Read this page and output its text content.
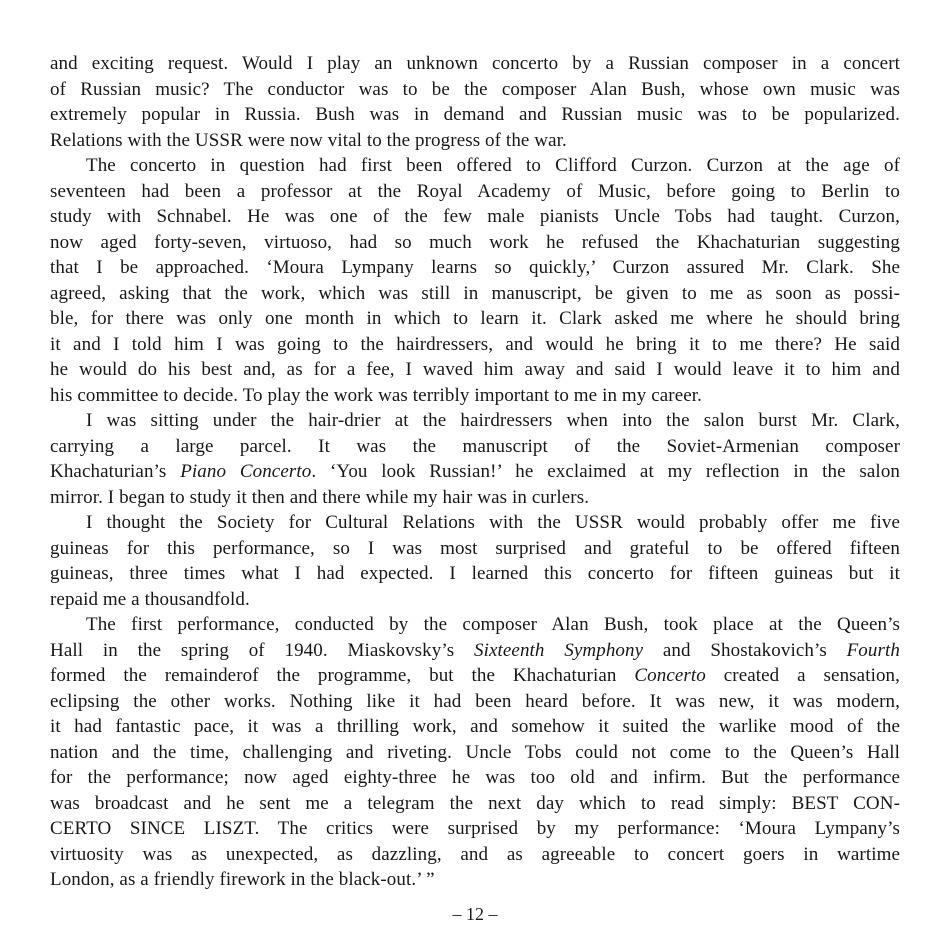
and exciting request. Would I play an unknown concerto by a Russian composer in a concert
of Russian music? The conductor was to be the composer Alan Bush, whose own music was
extremely popular in Russia. Bush was in demand and Russian music was to be popularized.
Relations with the USSR were now vital to the progress of the war.
The concerto in question had first been offered to Clifford Curzon. Curzon at the age of
seventeen had been a professor at the Royal Academy of Music, before going to Berlin to
study with Schnabel. He was one of the few male pianists Uncle Tobs had taught. Curzon,
now aged forty-seven, virtuoso, had so much work he refused the Khachaturian suggesting
that I be approached. ‘Moura Lympany learns so quickly,’ Curzon assured Mr. Clark. She
agreed, asking that the work, which was still in manuscript, be given to me as soon as possi-
ble, for there was only one month in which to learn it. Clark asked me where he should bring
it and I told him I was going to the hairdressers, and would he bring it to me there? He said
he would do his best and, as for a fee, I waved him away and said I would leave it to him and
his committee to decide. To play the work was terribly important to me in my career.
I was sitting under the hair-drier at the hairdressers when into the salon burst Mr. Clark,
carrying a large parcel. It was the manuscript of the Soviet-Armenian composer
Khachaturian’s Piano Concerto. ‘You look Russian!’ he exclaimed at my reflection in the salon
mirror. I began to study it then and there while my hair was in curlers.
I thought the Society for Cultural Relations with the USSR would probably offer me five
guineas for this performance, so I was most surprised and grateful to be offered fifteen
guineas, three times what I had expected. I learned this concerto for fifteen guineas but it
repaid me a thousandfold.
The first performance, conducted by the composer Alan Bush, took place at the Queen’s
Hall in the spring of 1940. Miaskovsky’s Sixteenth Symphony and Shostakovich’s Fourth
formed the remainderof the programme, but the Khachaturian Concerto created a sensation,
eclipsing the other works. Nothing like it had been heard before. It was new, it was modern,
it had fantastic pace, it was a thrilling work, and somehow it suited the warlike mood of the
nation and the time, challenging and riveting. Uncle Tobs could not come to the Queen’s Hall
for the performance; now aged eighty-three he was too old and infirm. But the performance
was broadcast and he sent me a telegram the next day which to read simply: BEST CON-
CERTO SINCE LISZT. The critics were surprised by my performance: ‘Moura Lympany’s
virtuosity was as unexpected, as dazzling, and as agreeable to concert goers in wartime
London, as a friendly firework in the black-out.’ ”
– 12 –
